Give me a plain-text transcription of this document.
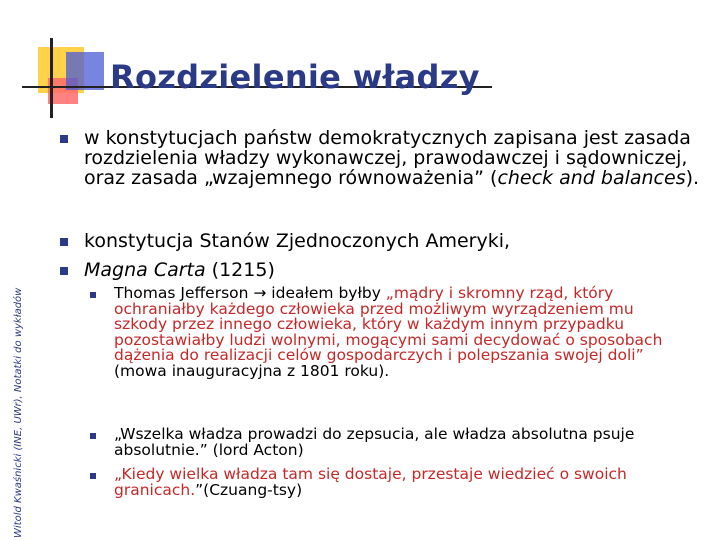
Rozdzielenie władzy
Witold Kwaśnicki (INE, UWr), Notatki do wykładów
w konstytucjach państw demokratycznych zapisana jest zasada rozdzielenia władzy wykonawczej, prawodawczej i sądowniczej, oraz zasada „wzajemnego równoważenia” (check and balances).
konstytucja Stanów Zjednoczonych Ameryki,
Magna Carta (1215)
Thomas Jefferson → ideałem byłby „mądry i skromny rząd, który ochraniałby każdego człowieka przed możliwym wyrządzeniem mu szkody przez innego człowieka, który w każdym innym przypadku pozostawiałby ludzi wolnymi, mogącymi sami decydować o sposobach dążenia do realizacji celów gospodarczych i polepszania swojej doli” (mowa inauguracyjna z 1801 roku).
„Wszelka władza prowadzi do zepsucia, ale władza absolutna psuje absolutnie.” (lord Acton)
„Kiedy wielka władza tam się dostaje, przestaje wiedzieć o swoich granicach.”(Czuang-tsy)
